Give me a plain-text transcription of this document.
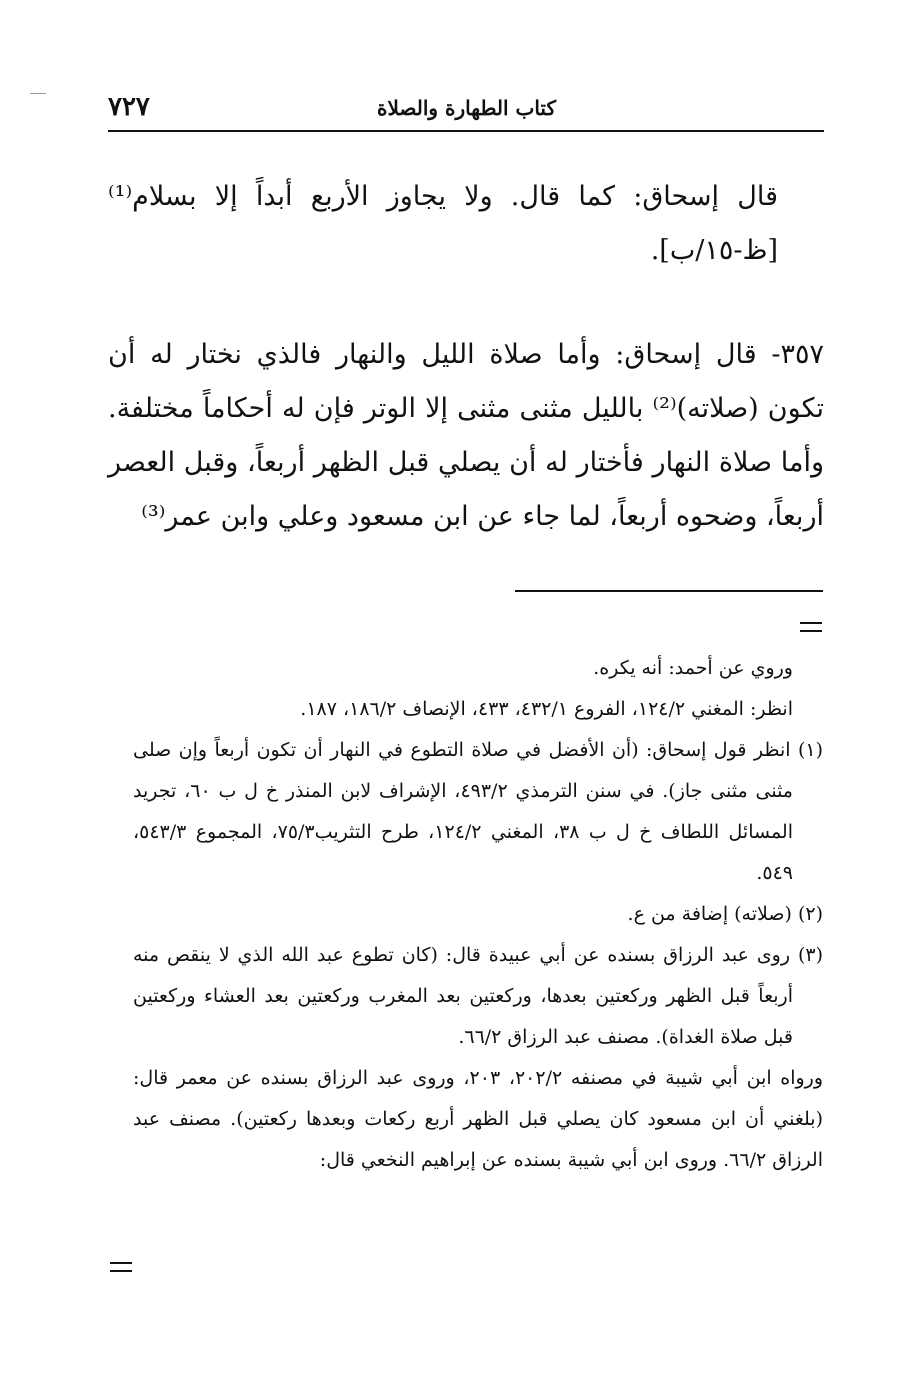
كتاب الطهارة والصلاة
٧٢٧

قال إسحاق: كما قال. ولا يجاوز الأربع أبداً إلا بسلام⁽¹⁾ [ظ-١٥/ب].

٣٥٧- قال إسحاق: وأما صلاة الليل والنهار فالذي نختار له أن تكون (صلاته)⁽²⁾ بالليل مثنى مثنى إلا الوتر فإن له أحكاماً مختلفة. وأما صلاة النهار فأختار له أن يصلي قبل الظهر أربعاً، وقبل العصر أربعاً، وضحوه أربعاً، لما جاء عن ابن مسعود وعلي وابن عمر⁽³⁾

وروي عن أحمد: أنه يكره.

انظر: المغني ١٢٤/٢، الفروع ٤٣٢/١، ٤٣٣، الإنصاف ١٨٦/٢، ١٨٧.

(١) انظر قول إسحاق: (أن الأفضل في صلاة التطوع في النهار أن تكون أربعاً وإن صلى مثنى مثنى جاز). في سنن الترمذي ٤٩٣/٢، الإشراف لابن المنذر خ ل ب ٦٠، تجريد المسائل اللطاف خ ل ب ٣٨، المغني ١٢٤/٢، طرح التثريب٧٥/٣، المجموع ٥٤٣/٣، ٥٤٩.

(٢) (صلاته) إضافة من ع.

(٣) روى عبد الرزاق بسنده عن أبي عبيدة قال: (كان تطوع عبد الله الذي لا ينقص منه أربعاً قبل الظهر وركعتين بعدها، وركعتين بعد المغرب وركعتين بعد العشاء وركعتين قبل صلاة الغداة). مصنف عبد الرزاق ٦٦/٢.

ورواه ابن أبي شيبة في مصنفه ٢٠٢/٢، ٢٠٣، وروى عبد الرزاق بسنده عن معمر قال: (بلغني أن ابن مسعود كان يصلي قبل الظهر أربع ركعات وبعدها ركعتين). مصنف عبد الرزاق ٦٦/٢. وروى ابن أبي شيبة بسنده عن إبراهيم النخعي قال:
